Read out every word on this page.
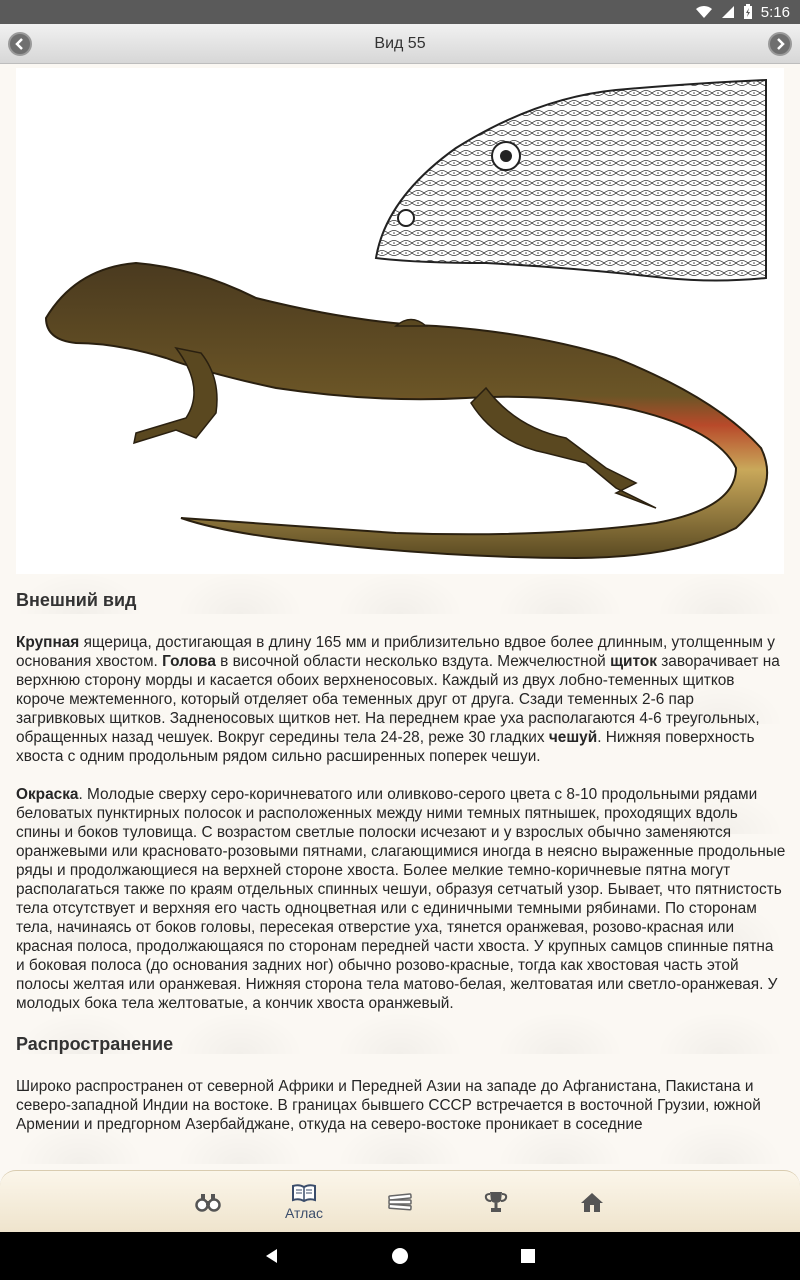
5:16
Вид 55
Внешний вид

Крупная ящерица, достигающая в длину 165 мм и приблизительно вдвое более длинным, утолщенным у основания хвостом. Голова в височной области несколько вздута. Межчелюстной щиток заворачивает на верхнюю сторону морды и касается обоих верхненосовых. Каждый из двух лобно-теменных щитков короче межтеменного, который отделяет оба теменных друг от друга. Сзади теменных 2-6 пар загривковых щитков. Задненосовых щитков нет. На переднем крае уха располагаются 4-6 треугольных, обращенных назад чешуек. Вокруг середины тела 24-28, реже 30 гладких чешуй. Нижняя поверхность хвоста с одним продольным рядом сильно расширенных поперек чешуи.

Окраска. Молодые сверху серо-коричневатого или оливково-серого цвета с 8-10 продольными рядами беловатых пунктирных полосок и расположенных между ними темных пятнышек, проходящих вдоль спины и боков туловища. С возрастом светлые полоски исчезают и у взрослых обычно заменяются оранжевыми или красновато-розовыми пятнами, слагающимися иногда в неясно выраженные продольные ряды и продолжающиеся на верхней стороне хвоста. Более мелкие темно-коричневые пятна могут располагаться также по краям отдельных спинных чешуи, образуя сетчатый узор. Бывает, что пятнистость тела отсутствует и верхняя его часть одноцветная или с единичными темными рябинами. По сторонам тела, начинаясь от боков головы, пересекая отверстие уха, тянется оранжевая, розово-красная или красная полоса, продолжающаяся по сторонам передней части хвоста. У крупных самцов спинные пятна и боковая полоса (до основания задних ног) обычно розово-красные, тогда как хвостовая часть этой полосы желтая или оранжевая. Нижняя сторона тела матово-белая, желтоватая или светло-оранжевая. У молодых бока тела желтоватые, а кончик хвоста оранжевый.

Распространение

Широко распространен от северной Африки и Передней Азии на западе до Афганистана, Пакистана и северо-западной Индии на востоке. В границах бывшего СССР встречается в восточной Грузии, южной Армении и предгорном Азербайджане, откуда на северо-востоке проникает в соседние

Атлас
